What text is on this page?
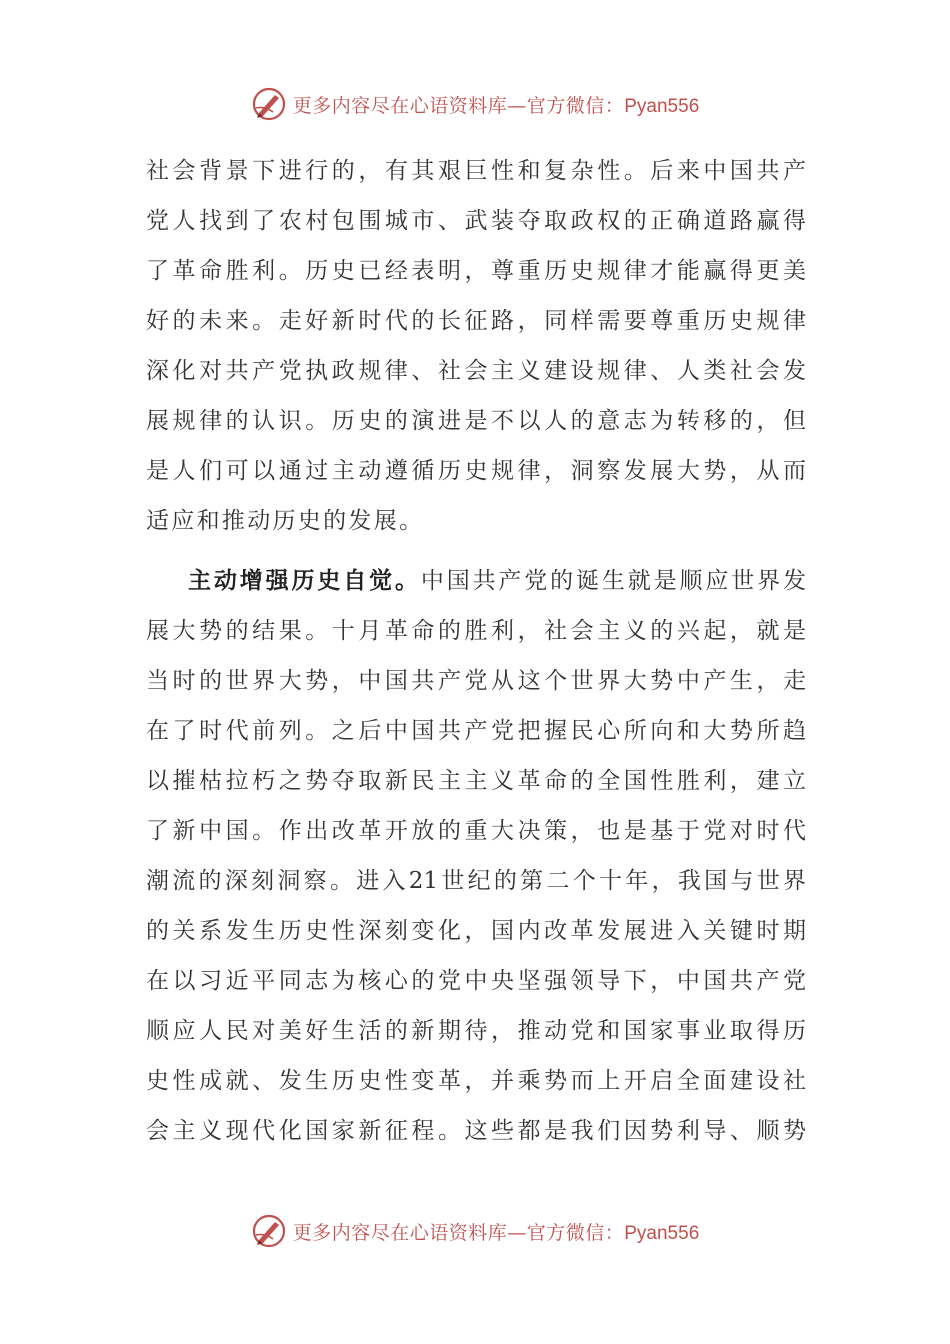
更多内容尽在心语资料库—官方微信：Pyan556
社会背景下进行的，有其艰巨性和复杂性。后来中国共产
党人找到了农村包围城市、武装夺取政权的正确道路赢得
了革命胜利。历史已经表明，尊重历史规律才能赢得更美
好的未来。走好新时代的长征路，同样需要尊重历史规律
深化对共产党执政规律、社会主义建设规律、人类社会发
展规律的认识。历史的演进是不以人的意志为转移的，但
是人们可以通过主动遵循历史规律，洞察发展大势，从而
适应和推动历史的发展。
主动增强历史自觉。中国共产党的诞生就是顺应世界发
展大势的结果。十月革命的胜利，社会主义的兴起，就是
当时的世界大势，中国共产党从这个世界大势中产生，走
在了时代前列。之后中国共产党把握民心所向和大势所趋
以摧枯拉朽之势夺取新民主主义革命的全国性胜利，建立
了新中国。作出改革开放的重大决策，也是基于党对时代
潮流的深刻洞察。进入21世纪的第二个十年，我国与世界
的关系发生历史性深刻变化，国内改革发展进入关键时期
在以习近平同志为核心的党中央坚强领导下，中国共产党
顺应人民对美好生活的新期待，推动党和国家事业取得历
史性成就、发生历史性变革，并乘势而上开启全面建设社
会主义现代化国家新征程。这些都是我们因势利导、顺势
更多内容尽在心语资料库—官方微信：Pyan556
